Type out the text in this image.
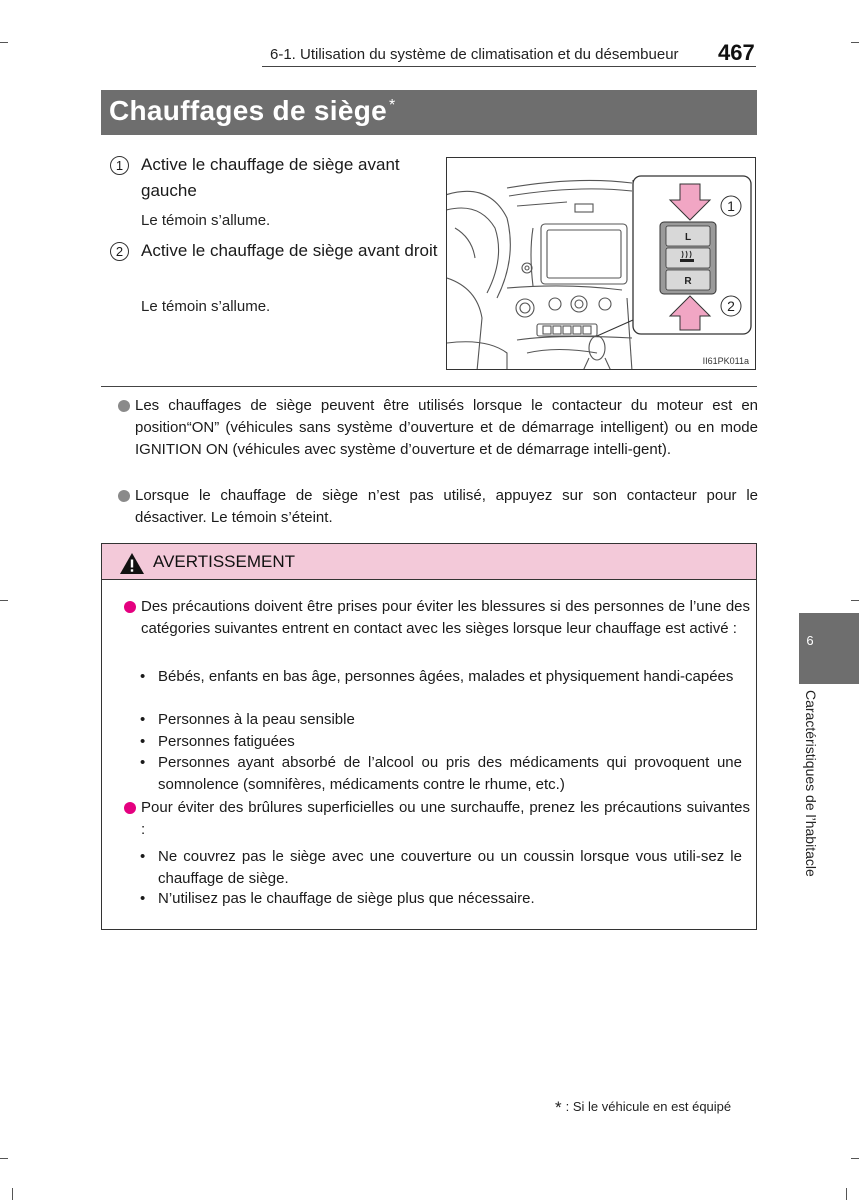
6-1. Utilisation du système de climatisation et du désembueur 467
Chauffages de siège *
1	Active le chauffage de siège avant gauche
Le témoin s’allume.
2	Active le chauffage de siège avant droit
Le témoin s’allume.
1
2
L
R
II61PK011a
Les chauffages de siège peuvent être utilisés lorsque le contacteur du moteur est en position“ON” (véhicules sans système d’ouverture et de démarrage intelligent) ou en mode IGNITION ON (véhicules avec système d’ouverture et de démarrage intelli-gent).
Lorsque le chauffage de siège n’est pas utilisé, appuyez sur son contacteur pour le désactiver. Le témoin s’éteint.
AVERTISSEMENT
Des précautions doivent être prises pour éviter les blessures si des personnes de l’une des catégories suivantes entrent en contact avec les sièges lorsque leur chauffage est activé :
• Bébés, enfants en bas âge, personnes âgées, malades et physiquement handi-capées
• Personnes à la peau sensible
• Personnes fatiguées
• Personnes ayant absorbé de l’alcool ou pris des médicaments qui provoquent une somnolence (somnifères, médicaments contre le rhume, etc.)
Pour éviter des brûlures superficielles ou une surchauffe, prenez les précautions suivantes :
• Ne couvrez pas le siège avec une couverture ou un coussin lorsque vous utili-sez le chauffage de siège.
• N’utilisez pas le chauffage de siège plus que nécessaire.
6
Caractéristiques de l’habitacle
* : Si le véhicule en est équipé
